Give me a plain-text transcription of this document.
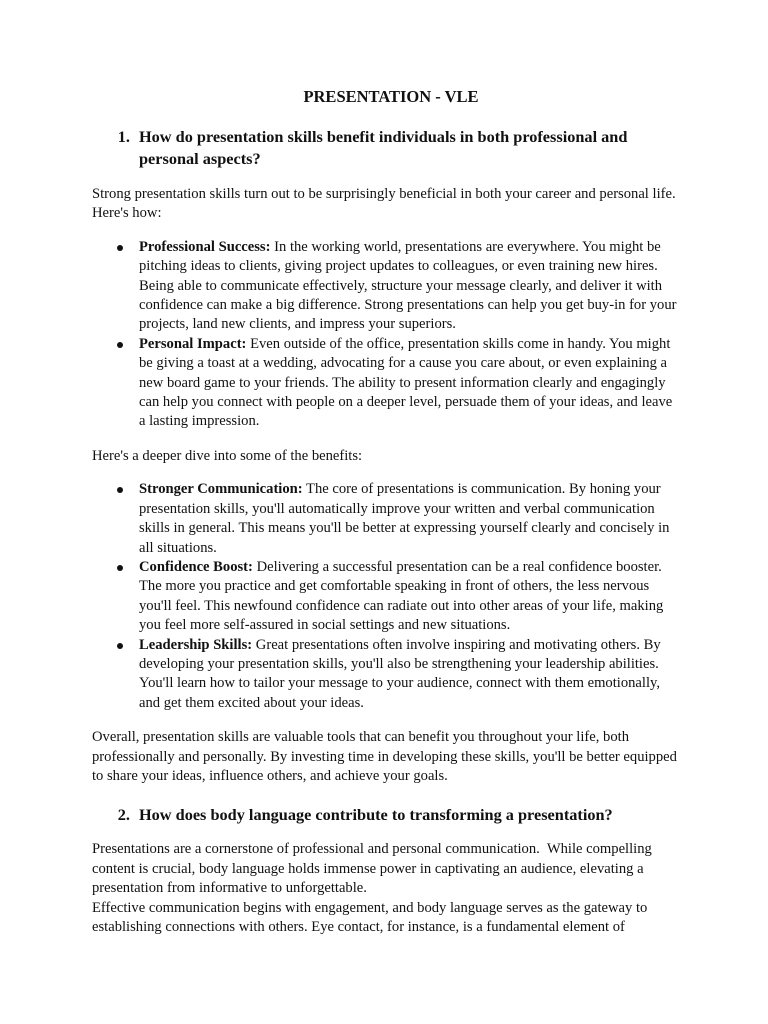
PRESENTATION - VLE
1. How do presentation skills benefit individuals in both professional and personal aspects?

Strong presentation skills turn out to be surprisingly beneficial in both your career and personal life. Here's how:

Professional Success: In the working world, presentations are everywhere. You might be pitching ideas to clients, giving project updates to colleagues, or even training new hires. Being able to communicate effectively, structure your message clearly, and deliver it with confidence can make a big difference. Strong presentations can help you get buy-in for your projects, land new clients, and impress your superiors.
Personal Impact: Even outside of the office, presentation skills come in handy. You might be giving a toast at a wedding, advocating for a cause you care about, or even explaining a new board game to your friends. The ability to present information clearly and engagingly can help you connect with people on a deeper level, persuade them of your ideas, and leave a lasting impression.

Here's a deeper dive into some of the benefits:

Stronger Communication: The core of presentations is communication. By honing your presentation skills, you'll automatically improve your written and verbal communication skills in general. This means you'll be better at expressing yourself clearly and concisely in all situations.
Confidence Boost: Delivering a successful presentation can be a real confidence booster. The more you practice and get comfortable speaking in front of others, the less nervous you'll feel. This newfound confidence can radiate out into other areas of your life, making you feel more self-assured in social settings and new situations.
Leadership Skills: Great presentations often involve inspiring and motivating others. By developing your presentation skills, you'll also be strengthening your leadership abilities. You'll learn how to tailor your message to your audience, connect with them emotionally, and get them excited about your ideas.

Overall, presentation skills are valuable tools that can benefit you throughout your life, both professionally and personally. By investing time in developing these skills, you'll be better equipped to share your ideas, influence others, and achieve your goals.

2. How does body language contribute to transforming a presentation?

Presentations are a cornerstone of professional and personal communication.  While compelling content is crucial, body language holds immense power in captivating an audience, elevating a presentation from informative to unforgettable.

Effective communication begins with engagement, and body language serves as the gateway to establishing connections with others. Eye contact, for instance, is a fundamental element of
